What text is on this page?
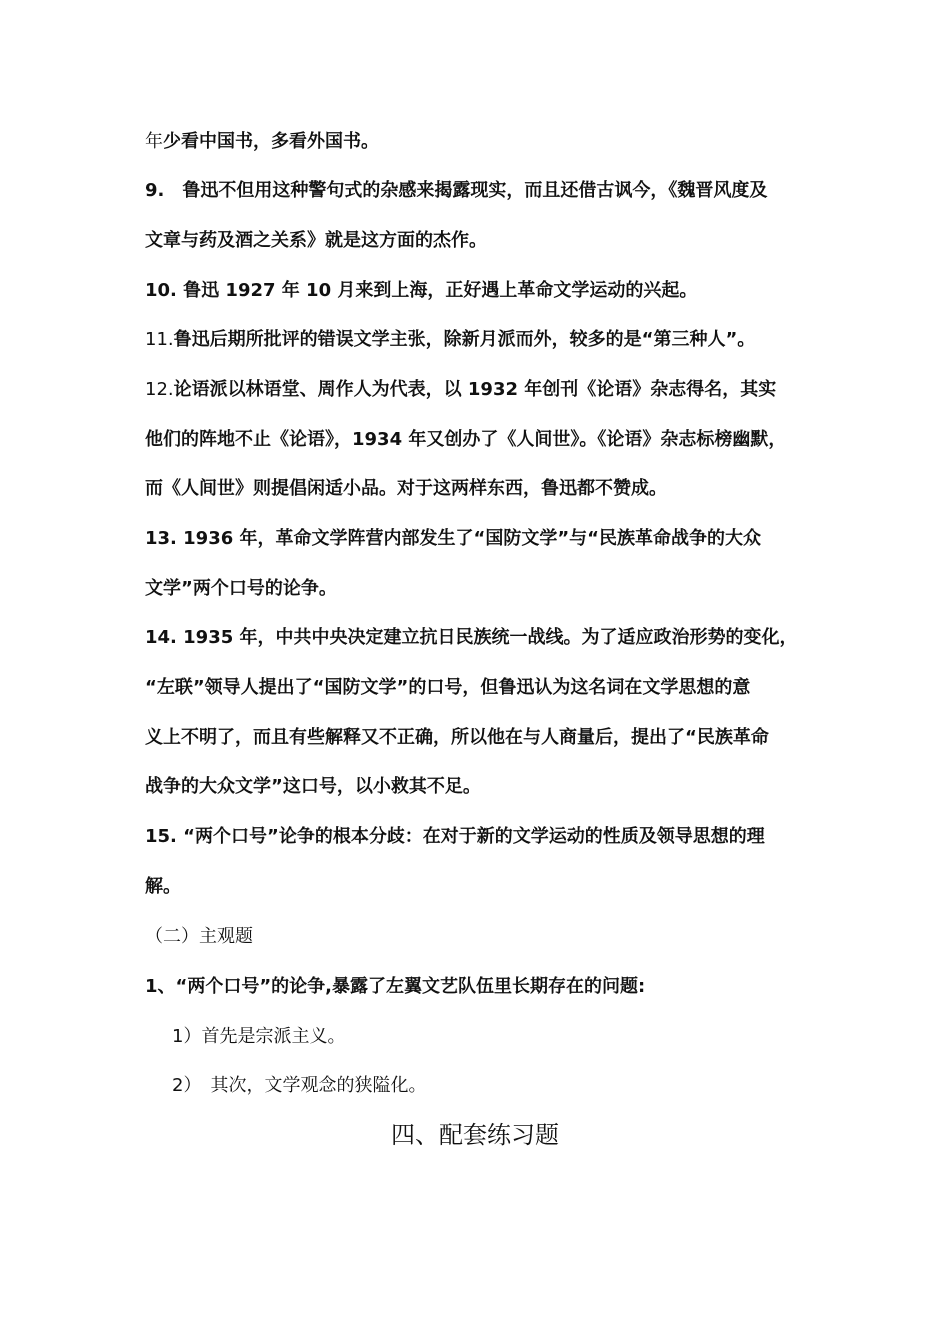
年少看中国书，多看外国书。
9.　鲁迅不但用这种警句式的杂感来揭露现实，而且还借古讽今，《魏晋风度及
文章与药及酒之关系》就是这方面的杰作。
10. 鲁迅 1927 年 10 月来到上海，正好遇上革命文学运动的兴起。
11.鲁迅后期所批评的错误文学主张，除新月派而外，较多的是“第三种人”。
12.论语派以林语堂、周作人为代表，以 1932 年创刊《论语》杂志得名，其实
他们的阵地不止《论语》，1934 年又创办了《人间世》。《论语》杂志标榜幽默，
而《人间世》则提倡闲适小品。对于这两样东西，鲁迅都不赞成。
13. 1936 年，革命文学阵营内部发生了“国防文学”与“民族革命战争的大众
文学”两个口号的论争。
14. 1935 年，中共中央决定建立抗日民族统一战线。为了适应政治形势的变化，
“左联”领导人提出了“国防文学”的口号，但鲁迅认为这名词在文学思想的意
义上不明了，而且有些解释又不正确，所以他在与人商量后，提出了“民族革命
战争的大众文学”这口号，以小救其不足。
15. “两个口号”论争的根本分歧：在对于新的文学运动的性质及领导思想的理
解。
（二）主观题
1、“两个口号”的论争,暴露了左翼文艺队伍里长期存在的问题:
1）首先是宗派主义。
2）　其次，文学观念的狭隘化。
四、配套练习题
